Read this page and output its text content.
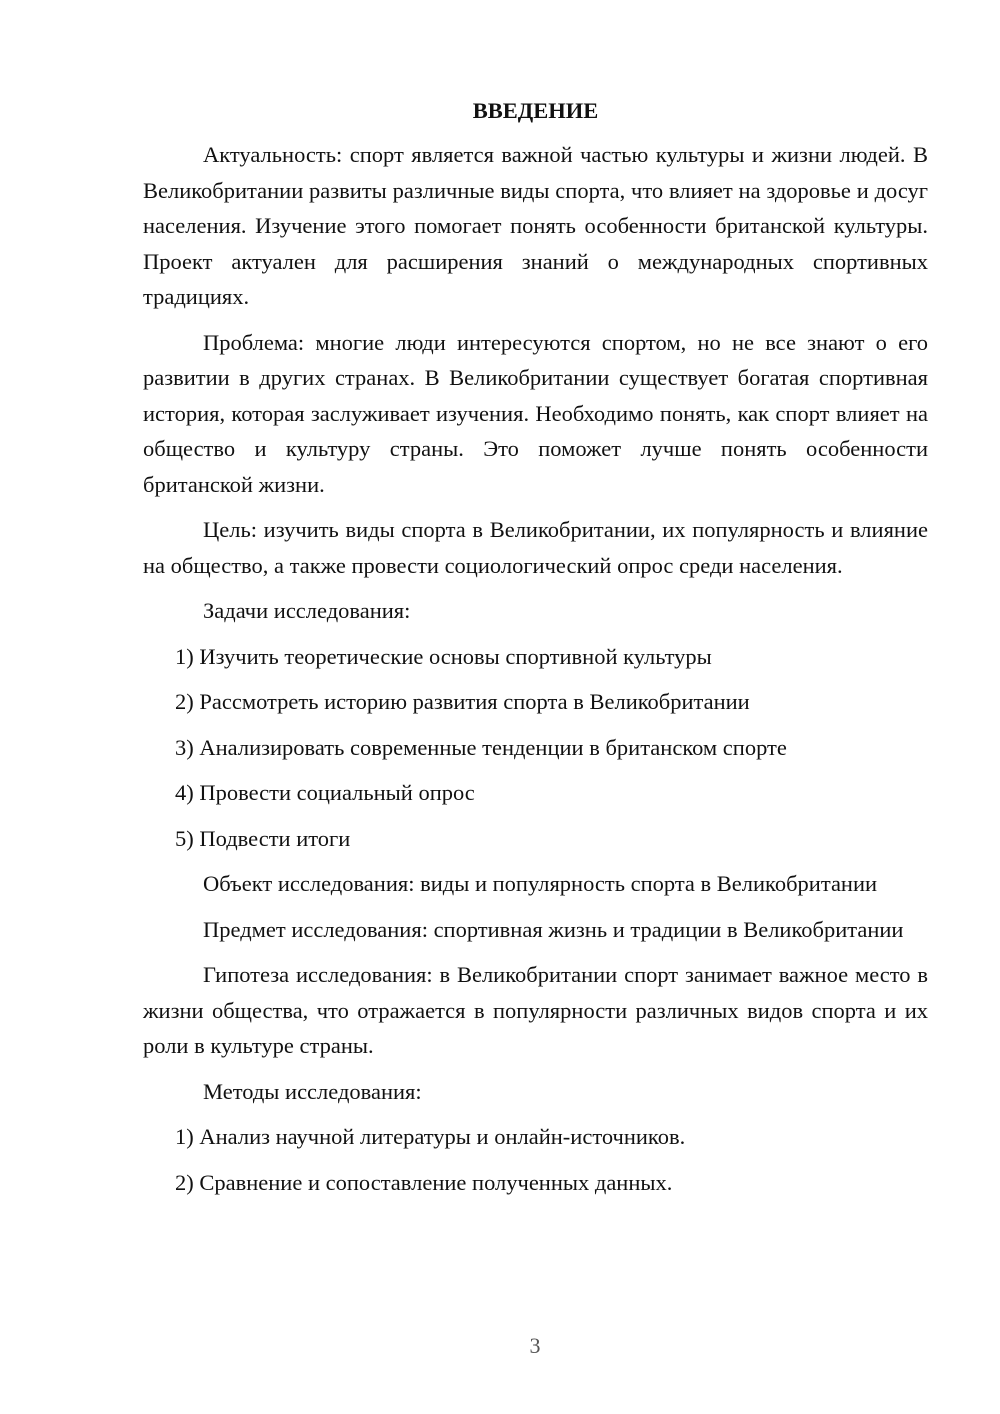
ВВЕДЕНИЕ
Актуальность: спорт является важной частью культуры и жизни людей. В Великобритании развиты различные виды спорта, что влияет на здоровье и досуг населения. Изучение этого помогает понять особенности британской культуры. Проект актуален для расширения знаний о международных спортивных традициях.
Проблема: многие люди интересуются спортом, но не все знают о его развитии в других странах. В Великобритании существует богатая спортивная история, которая заслуживает изучения. Необходимо понять, как спорт влияет на общество и культуру страны. Это поможет лучше понять особенности британской жизни.
Цель: изучить виды спорта в Великобритании, их популярность и влияние на общество, а также провести социологический опрос среди населения.
Задачи исследования:
1) Изучить теоретические основы спортивной культуры
2) Рассмотреть историю развития спорта в Великобритании
3) Анализировать современные тенденции в британском спорте
4) Провести социальный опрос
5) Подвести итоги
Объект исследования: виды и популярность спорта в Великобритании
Предмет исследования: спортивная жизнь и традиции в Великобритании
Гипотеза исследования: в Великобритании спорт занимает важное место в жизни общества, что отражается в популярности различных видов спорта и их роли в культуре страны.
Методы исследования:
1) Анализ научной литературы и онлайн-источников.
2) Сравнение и сопоставление полученных данных.
3
